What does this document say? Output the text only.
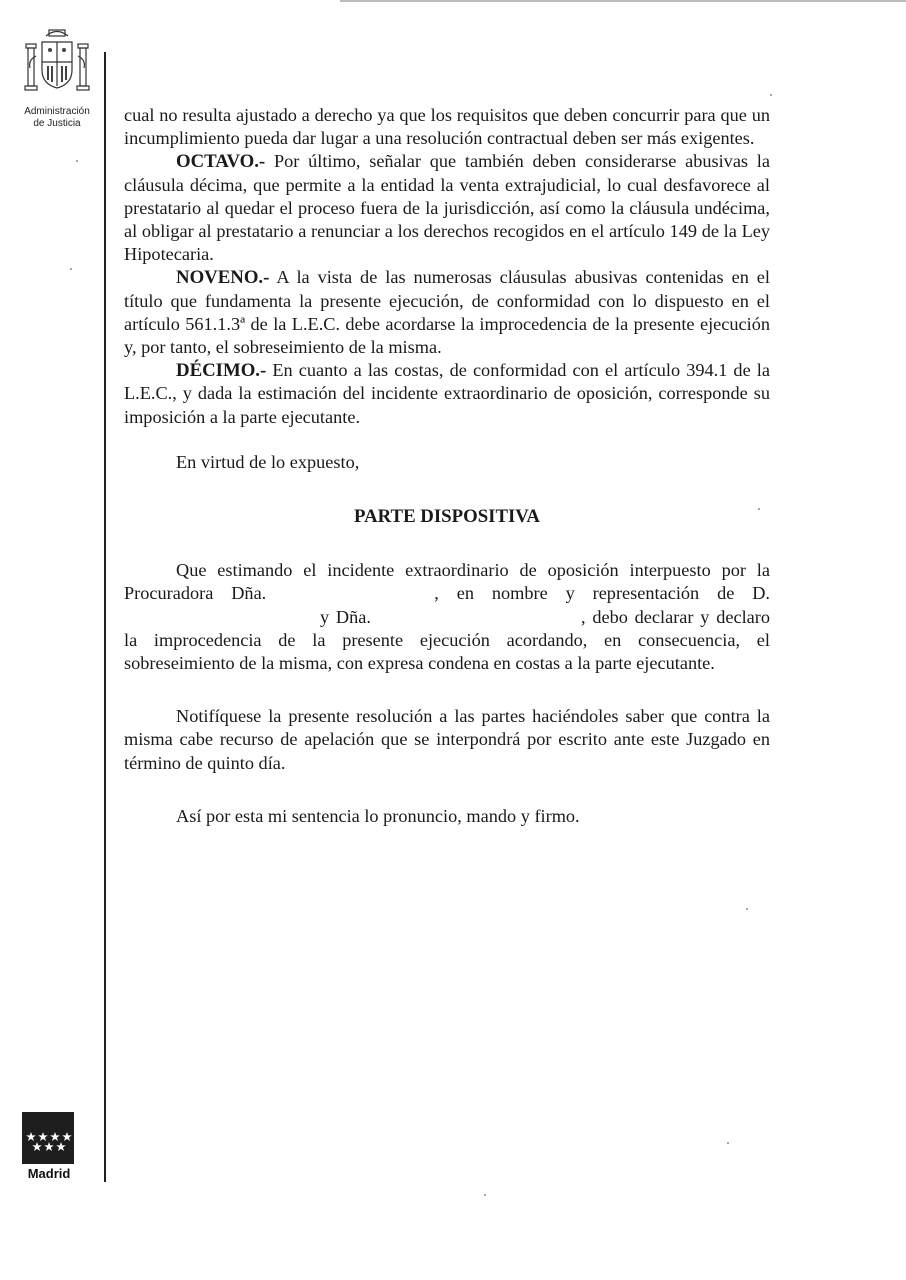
Administración
de Justicia	cual no resulta ajustado a derecho ya que los requisitos que deben concurrir para que un incumplimiento pueda dar lugar a una resolución contractual deben ser más exigentes.

OCTAVO.- Por último, señalar que también deben considerarse abusivas la cláusula décima, que permite a la entidad la venta extrajudicial, lo cual desfavorece al prestatario al quedar el proceso fuera de la jurisdicción, así como la cláusula undécima, al obligar al prestatario a renunciar a los derechos recogidos en el artículo 149 de la Ley Hipotecaria.

NOVENO.- A la vista de las numerosas cláusulas abusivas contenidas en el título que fundamenta la presente ejecución, de conformidad con lo dispuesto en el artículo 561.1.3ª de la L.E.C. debe acordarse la improcedencia de la presente ejecución y, por tanto, el sobreseimiento de la misma.

DÉCIMO.- En cuanto a las costas, de conformidad con el artículo 394.1 de la L.E.C., y dada la estimación del incidente extraordinario de oposición, corresponde su imposición a la parte ejecutante.

En virtud de lo expuesto,

PARTE DISPOSITIVA

Que estimando el incidente extraordinario de oposición interpuesto por la Procuradora Dña.	, en nombre y representación de D.y Dña.	, debo declarar y declaro la improcedencia de la presente ejecución acordando, en consecuencia, el sobreseimiento de la misma, con expresa condena en costas a la parte ejecutante.

Notifíquese la presente resolución a las partes haciéndoles saber que contra la misma cabe recurso de apelación que se interpondrá por escrito ante este Juzgado en término de quinto día.

Así por esta mi sentencia lo pronuncio, mando y firmo.

Madrid
